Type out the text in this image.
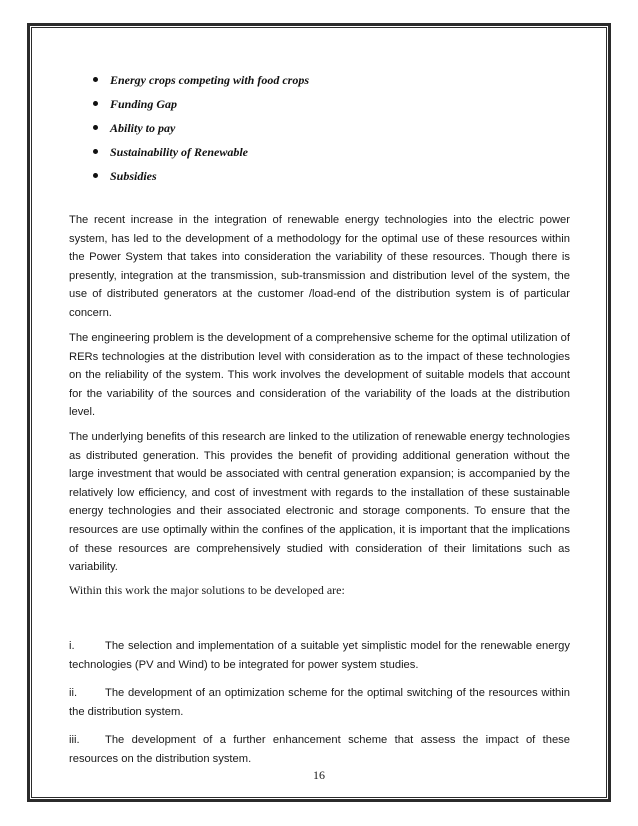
Energy crops competing with food crops
Funding Gap
Ability to pay
Sustainability of Renewable
Subsidies

The recent increase in the integration of renewable energy technologies into the electric power system, has led to the development of a methodology for the optimal use of these resources within the Power System that takes into consideration the variability of these resources. Though there is presently, integration at the transmission, sub-transmission and distribution level of the system, the use of distributed generators at the customer /load-end of the distribution system is of particular concern.

The engineering problem is the development of a comprehensive scheme for the optimal utilization of RERs technologies at the distribution level with consideration as to the impact of these technologies on the reliability of the system. This work involves the development of suitable models that account for the variability of the sources and consideration of the variability of the loads at the distribution level.

The underlying benefits of this research are linked to the utilization of renewable energy technologies as distributed generation. This provides the benefit of providing additional generation without the large investment that would be associated with central generation expansion; is accompanied by the relatively low efficiency, and cost of investment with regards to the installation of these sustainable energy technologies and their associated electronic and storage components. To ensure that the resources are use optimally within the confines of the application, it is important that the implications of these resources are comprehensively studied with consideration of their limitations such as variability.

Within this work the major solutions to be developed are:

i.	The selection and implementation of a suitable yet simplistic model for the renewable energy technologies (PV and Wind) to be integrated for power system studies.

ii. The development of an optimization scheme for the optimal switching of the resources within the distribution system.

iii. The development of a further enhancement scheme that assess the impact of these resources on the distribution system.

16
